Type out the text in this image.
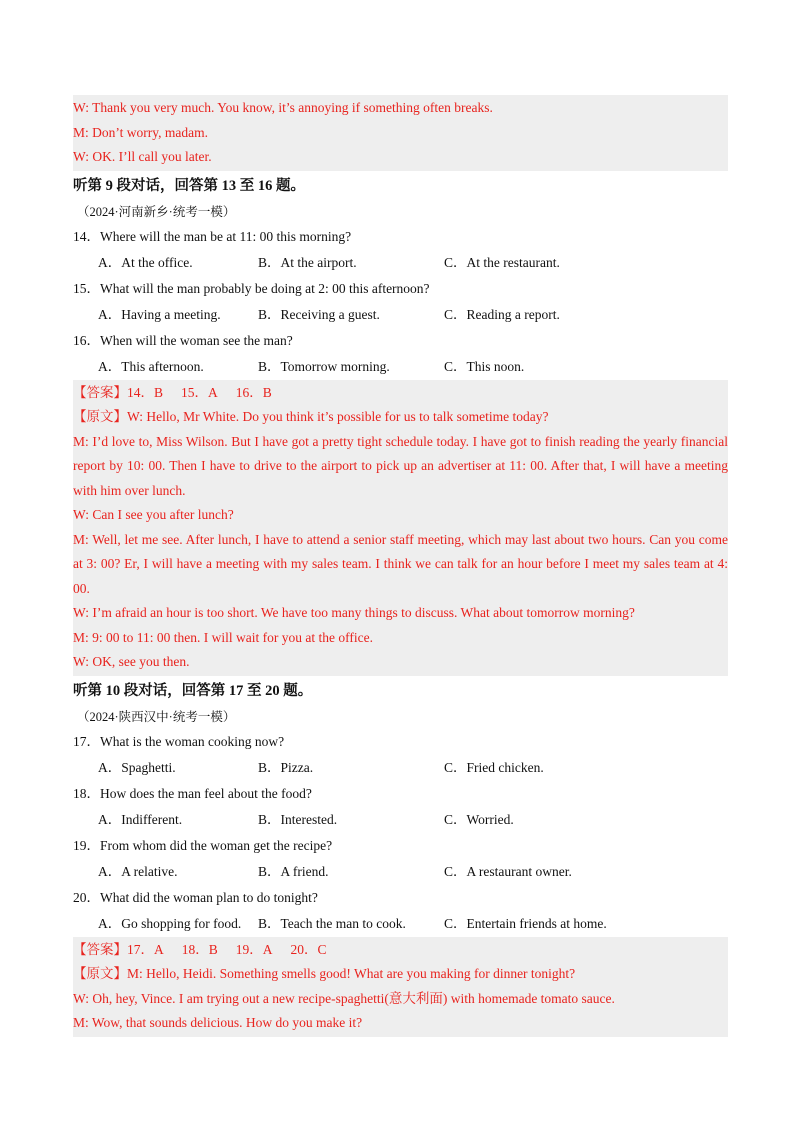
W: Thank you very much. You know, it’s annoying if something often breaks.
M: Don’t worry, madam.
W: OK. I’ll call you later.
听第 9 段对话，回答第 13 至 16 题。
（2024·河南新乡·统考一模）
14．Where will the man be at 11: 00 this morning?
A．At the office.	B．At the airport.	C．At the restaurant.
15．What will the man probably be doing at 2: 00 this afternoon?
A．Having a meeting.	B．Receiving a guest.	C．Reading a report.
16．When will the woman see the man?
A．This afternoon.	B．Tomorrow morning.	C．This noon.
【答案】14．B 15．A 16．B
【原文】W: Hello, Mr White. Do you think it’s possible for us to talk sometime today?
M: I’d love to, Miss Wilson. But I have got a pretty tight schedule today. I have got to finish reading the yearly financial report by 10: 00. Then I have to drive to the airport to pick up an advertiser at 11: 00. After that, I will have a meeting with him over lunch.
W: Can I see you after lunch?
M: Well, let me see. After lunch, I have to attend a senior staff meeting, which may last about two hours. Can you come at 3: 00? Er, I will have a meeting with my sales team. I think we can talk for an hour before I meet my sales team at 4: 00.
W: I’m afraid an hour is too short. We have too many things to discuss. What about tomorrow morning?
M: 9: 00 to 11: 00 then. I will wait for you at the office.
W: OK, see you then.
听第 10 段对话，回答第 17 至 20 题。
（2024·陕西汉中·统考一模）
17．What is the woman cooking now?
A．Spaghetti.	B．Pizza.	C．Fried chicken.
18．How does the man feel about the food?
A．Indifferent.	B．Interested.	C．Worried.
19．From whom did the woman get the recipe?
A．A relative.	B．A friend.	C．A restaurant owner.
20．What did the woman plan to do tonight?
A．Go shopping for food.	B．Teach the man to cook.	C．Entertain friends at home.
【答案】17．A 18．B 19．A 20．C
【原文】M: Hello, Heidi. Something smells good! What are you making for dinner tonight?
W: Oh, hey, Vince. I am trying out a new recipe-spaghetti(意大利面) with homemade tomato sauce.
M: Wow, that sounds delicious. How do you make it?
